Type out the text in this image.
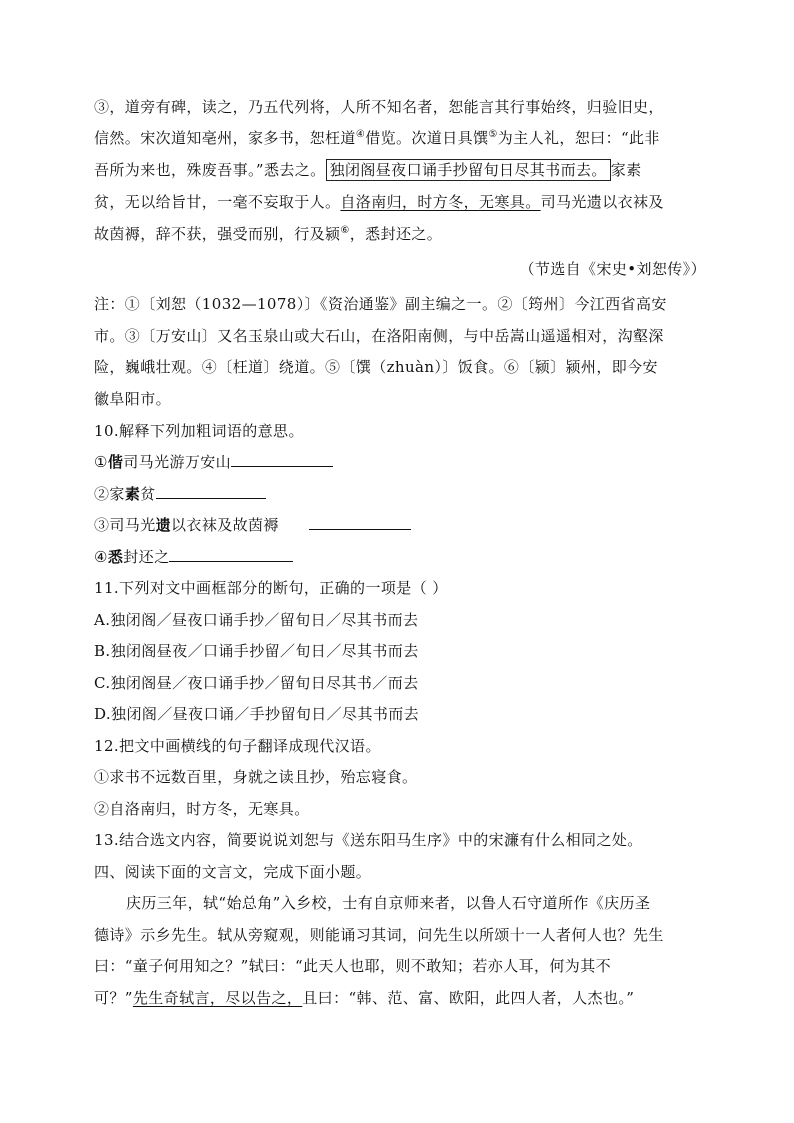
③，道旁有碑，读之，乃五代列将，人所不知名者，恕能言其行事始终，归验旧史，
信然。宋次道知亳州，家多书，恕枉道④借览。次道日具馔⑤为主人礼，恕曰：“此非
吾所为来也，殊废吾事。”悉去之。 独闭阁昼夜口诵手抄留旬日尽其书而去。 家素
贫，无以给旨甘，一毫不妄取于人。自洛南归，时方冬，无寒具。司马光遗以衣袜及
故茵褥，辞不获，强受而别，行及颍⑥，悉封还之。
（节选自《宋史•刘恕传》）
注：①〔刘恕（1032—1078）〕《资治通鉴》副主编之一。②〔筠州〕今江西省高安
市。③〔万安山〕又名玉泉山或大石山，在洛阳南侧，与中岳嵩山遥遥相对，沟壑深
险，巍峨壮观。④〔枉道〕绕道。⑤〔馔（zhuàn）〕饭食。⑥〔颍〕颍州，即今安
徽阜阳市。
10.解释下列加粗词语的意思。
①偕司马光游万安山
②家素贫
③司马光遗以衣袜及故茵褥
④悉封还之
11.下列对文中画框部分的断句，正确的一项是（ ）
A.独闭阁／昼夜口诵手抄／留旬日／尽其书而去
B.独闭阁昼夜／口诵手抄留／旬日／尽其书而去
C.独闭阁昼／夜口诵手抄／留旬日尽其书／而去
D.独闭阁／昼夜口诵／手抄留旬日／尽其书而去
12.把文中画横线的句子翻译成现代汉语。
①求书不远数百里，身就之读且抄，殆忘寝食。
②自洛南归，时方冬，无寒具。
13.结合选文内容，简要说说刘恕与《送东阳马生序》中的宋濂有什么相同之处。
四、阅读下面的文言文，完成下面小题。
庆历三年，轼“始总角”入乡校，士有自京师来者，以鲁人石守道所作《庆历圣
德诗》示乡先生。轼从旁窥观，则能诵习其词，问先生以所颂十一人者何人也？先生
曰：“童子何用知之？”轼曰：“此天人也耶，则不敢知；若亦人耳，何为其不
可？”先生奇轼言，尽以告之，且曰：“韩、范、富、欧阳，此四人者，人杰也。”
